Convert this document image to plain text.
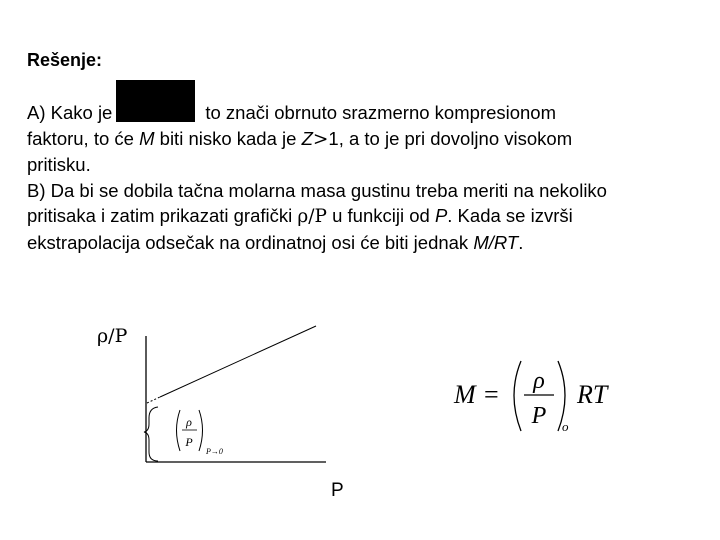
Rešenje:
A) Kako je	to znači obrnuto srazmerno kompresionom
faktoru, to će M biti nisko kada je Z>1, a to je pri dovoljno visokom
pritisku.
B) Da bi se dobila tačna molarna masa gustinu treba meriti na nekoliko
pritisaka i zatim prikazati grafički ρ/P u funkciji od P. Kada se izvrši
ekstrapolacija odsečak na ordinatnoj osi će biti jednak M/RT.
ρ
P
P→0
ρ/P
P
M = ρ
P o
RT
